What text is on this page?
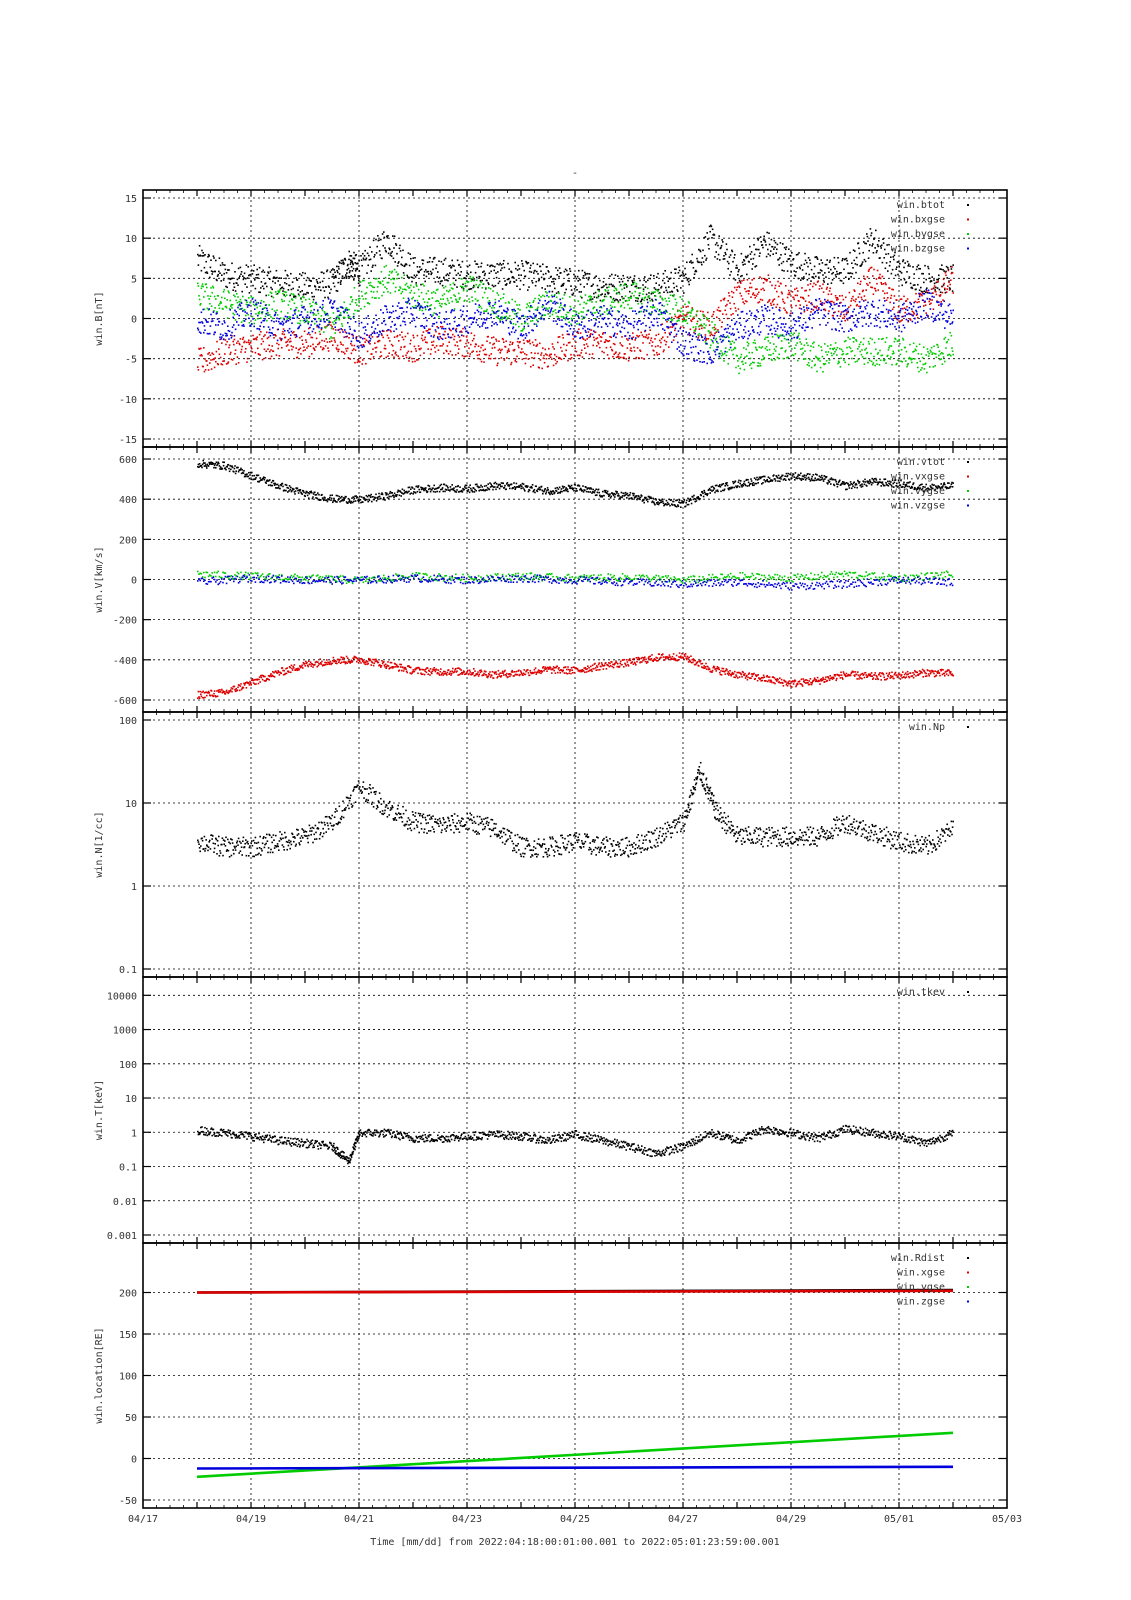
-
-15
-10
-5
0
5
10
15
win.B[nT]
win.btot
win.bxgse
win.bygse
win.bzgse
-600
-400
-200
0
200
400
600
win.V[km/s]
win.vtot
win.vxgse
win.vygse
win.vzgse
0.1
1
10
100
win.N[1/cc]
win.Np
0.001
0.01
0.1
1
10
100
1000
10000
win.T[keV]
win.tkev
-50
0
50
100
150
200
win.location[RE]
win.Rdist
win.xgse
win.ygse
win.zgse
04/17	04/19	04/21	04/23	04/25	04/27	04/29	05/01	05/03
Time [mm/dd] from 2022:04:18:00:01:00.001 to 2022:05:01:23:59:00.001
